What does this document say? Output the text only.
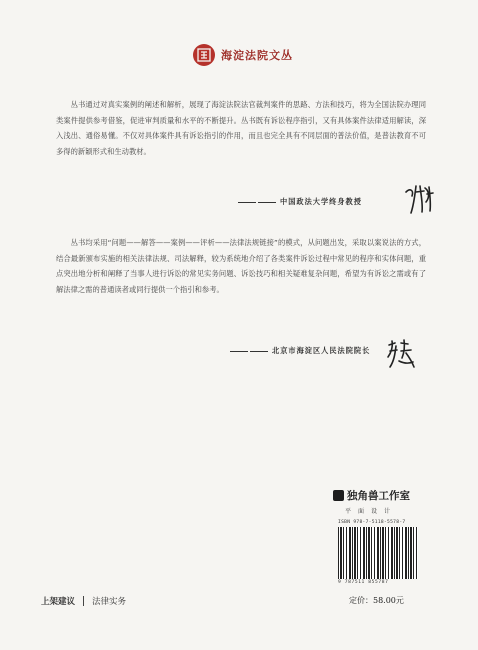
海淀法院文丛

丛书通过对真实案例的阐述和解析，展现了海淀法院法官裁判案件的思路、方法和技巧，将为全国法院办理同类案件提供参考借鉴，促进审判质量和水平的不断提升。丛书既有诉讼程序指引，又有具体案件法律适用解读，深入浅出、通俗易懂。不仅对具体案件具有诉讼指引的作用，而且也完全具有不同层面的普法价值，是普法教育不可多得的新颖形式和生动教材。

中国政法大学终身教授

丛书均采用“问题——解答——案例——评析——法律法规链接”的模式，从问题出发，采取以案说法的方式，结合最新颁布实施的相关法律法规、司法解释，较为系统地介绍了各类案件诉讼过程中常见的程序和实体问题，重点突出地分析和阐释了当事人进行诉讼的常见实务问题、诉讼技巧和相关疑难复杂问题，希望为有诉讼之需或有了解法律之需的普通读者或同行提供一个指引和参考。

北京市海淀区人民法院院长
独角兽工作室
平面设计
ISBN 978-7-5118-5578-7
9 787511 855787
定价：58.00元
上架建议 法律实务
